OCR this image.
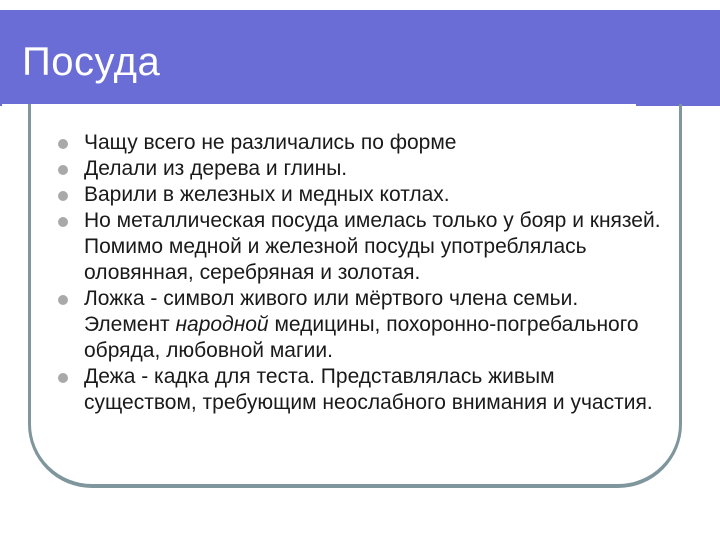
Посуда
Чащу всего не различались по форме
Делали из дерева и глины.
Варили в железных и медных котлах.
Но металлическая посуда имелась только у бояр и князей. Помимо медной и железной посуды употреблялась оловянная, серебряная и золотая.
Ложка - символ живого или мёртвого члена семьи. Элемент народной медицины, похоронно-погребального обряда, любовной магии.
Дежа - кадка для теста. Представлялась живым существом, требующим неослабного внимания и участия.
